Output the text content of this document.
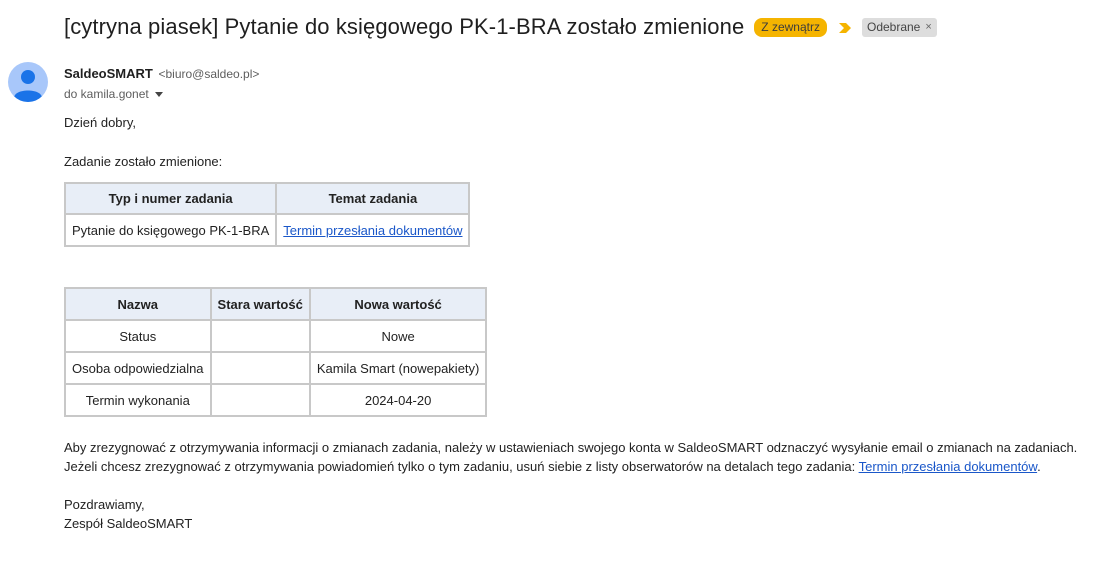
[cytryna piasek] Pytanie do księgowego PK-1-BRA zostało zmienione	Z zewnątrz	Odebrane ×
SaldeoSMART <biuro@saldeo.pl>
do kamila.gonet

Dzień dobry,

Zadanie zostało zmienione:

Typ i numer zadania	Temat zadania
Pytanie do księgowego PK-1-BRA	Termin przesłania dokumentów
Nazwa	Stara wartość	Nowa wartość
Status		Nowe
Osoba odpowiedzialna		Kamila Smart (nowepakiety)
Termin wykonania		2024-04-20
Aby zrezygnować z otrzymywania informacji o zmianach zadania, należy w ustawieniach swojego konta w SaldeoSMART odznaczyć wysyłanie email o zmianach na zadaniach.
Jeżeli chcesz zrezygnować z otrzymywania powiadomień tylko o tym zadaniu, usuń siebie z listy obserwatorów na detalach tego zadania: Termin przesłania dokumentów.
Pozdrawiamy,
Zespół SaldeoSMART
